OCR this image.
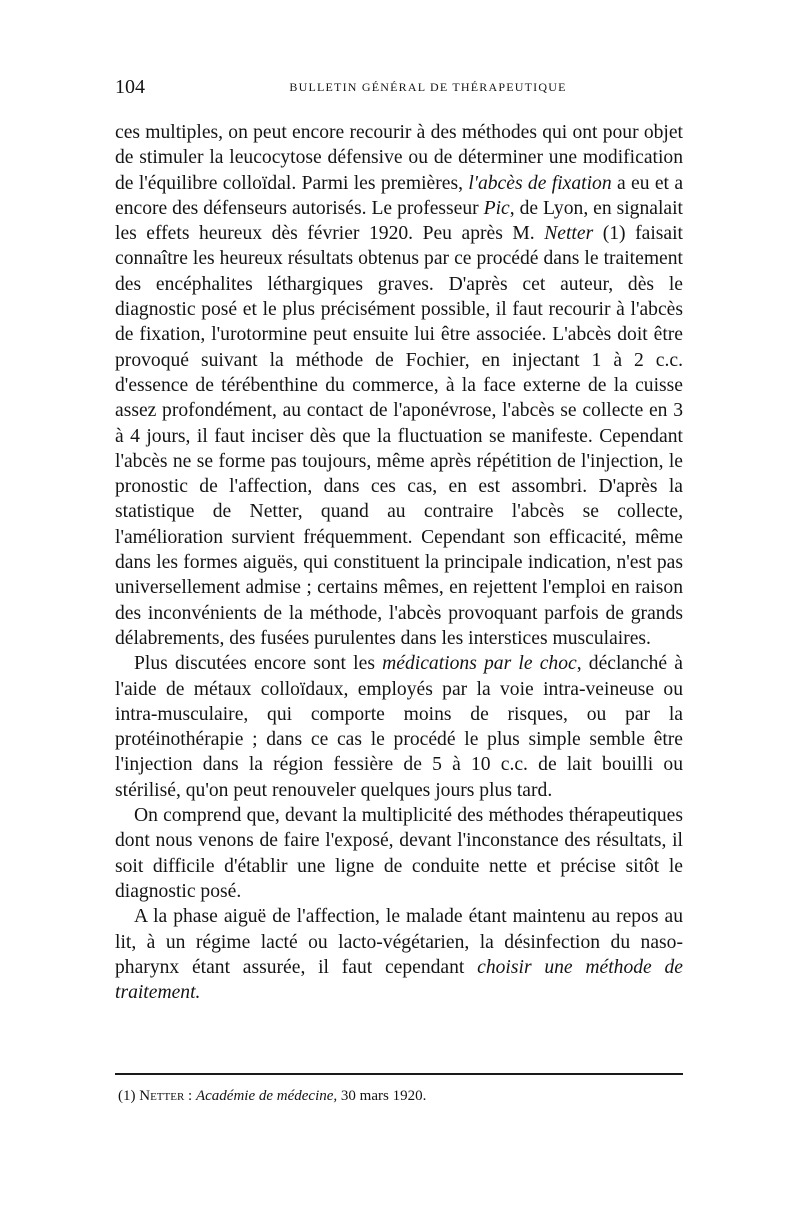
104	BULLETIN GÉNÉRAL DE THÉRAPEUTIQUE

ces multiples, on peut encore recourir à des méthodes qui ont pour objet de stimuler la leucocytose défensive ou de déterminer une modification de l'équilibre colloïdal. Parmi les premières, l'abcès de fixation a eu et a encore des défenseurs autorisés. Le professeur Pic, de Lyon, en signalait les effets heureux dès février 1920. Peu après M. Netter (1) faisait connaître les heureux résultats obtenus par ce procédé dans le traitement des encéphalites léthargiques graves. D'après cet auteur, dès le diagnostic posé et le plus précisément possible, il faut recourir à l'abcès de fixation, l'urotormine peut ensuite lui être associée. L'abcès doit être provoqué suivant la méthode de Fochier, en injectant 1 à 2 c.c. d'essence de térébenthine du commerce, à la face externe de la cuisse assez profondément, au contact de l'aponévrose, l'abcès se collecte en 3 à 4 jours, il faut inciser dès que la fluctuation se manifeste. Cependant l'abcès ne se forme pas toujours, même après répétition de l'injection, le pronostic de l'affection, dans ces cas, en est assombri. D'après la statistique de Netter, quand au contraire l'abcès se collecte, l'amélioration survient fréquemment. Cependant son efficacité, même dans les formes aiguës, qui constituent la principale indication, n'est pas universellement admise ; certains mêmes, en rejettent l'emploi en raison des inconvénients de la méthode, l'abcès provoquant parfois de grands délabrements, des fusées purulentes dans les interstices musculaires.

Plus discutées encore sont les médications par le choc, déclanché à l'aide de métaux colloïdaux, employés par la voie intra-veineuse ou intra-musculaire, qui comporte moins de risques, ou par la protéinothérapie ; dans ce cas le procédé le plus simple semble être l'injection dans la région fessière de 5 à 10 c.c. de lait bouilli ou stérilisé, qu'on peut renouveler quelques jours plus tard.

On comprend que, devant la multiplicité des méthodes thérapeutiques dont nous venons de faire l'exposé, devant l'inconstance des résultats, il soit difficile d'établir une ligne de conduite nette et précise sitôt le diagnostic posé.

A la phase aiguë de l'affection, le malade étant maintenu au repos au lit, à un régime lacté ou lacto-végétarien, la désinfection du naso-pharynx étant assurée, il faut cependant choisir une méthode de traitement.

(1) Netter : Académie de médecine, 30 mars 1920.
